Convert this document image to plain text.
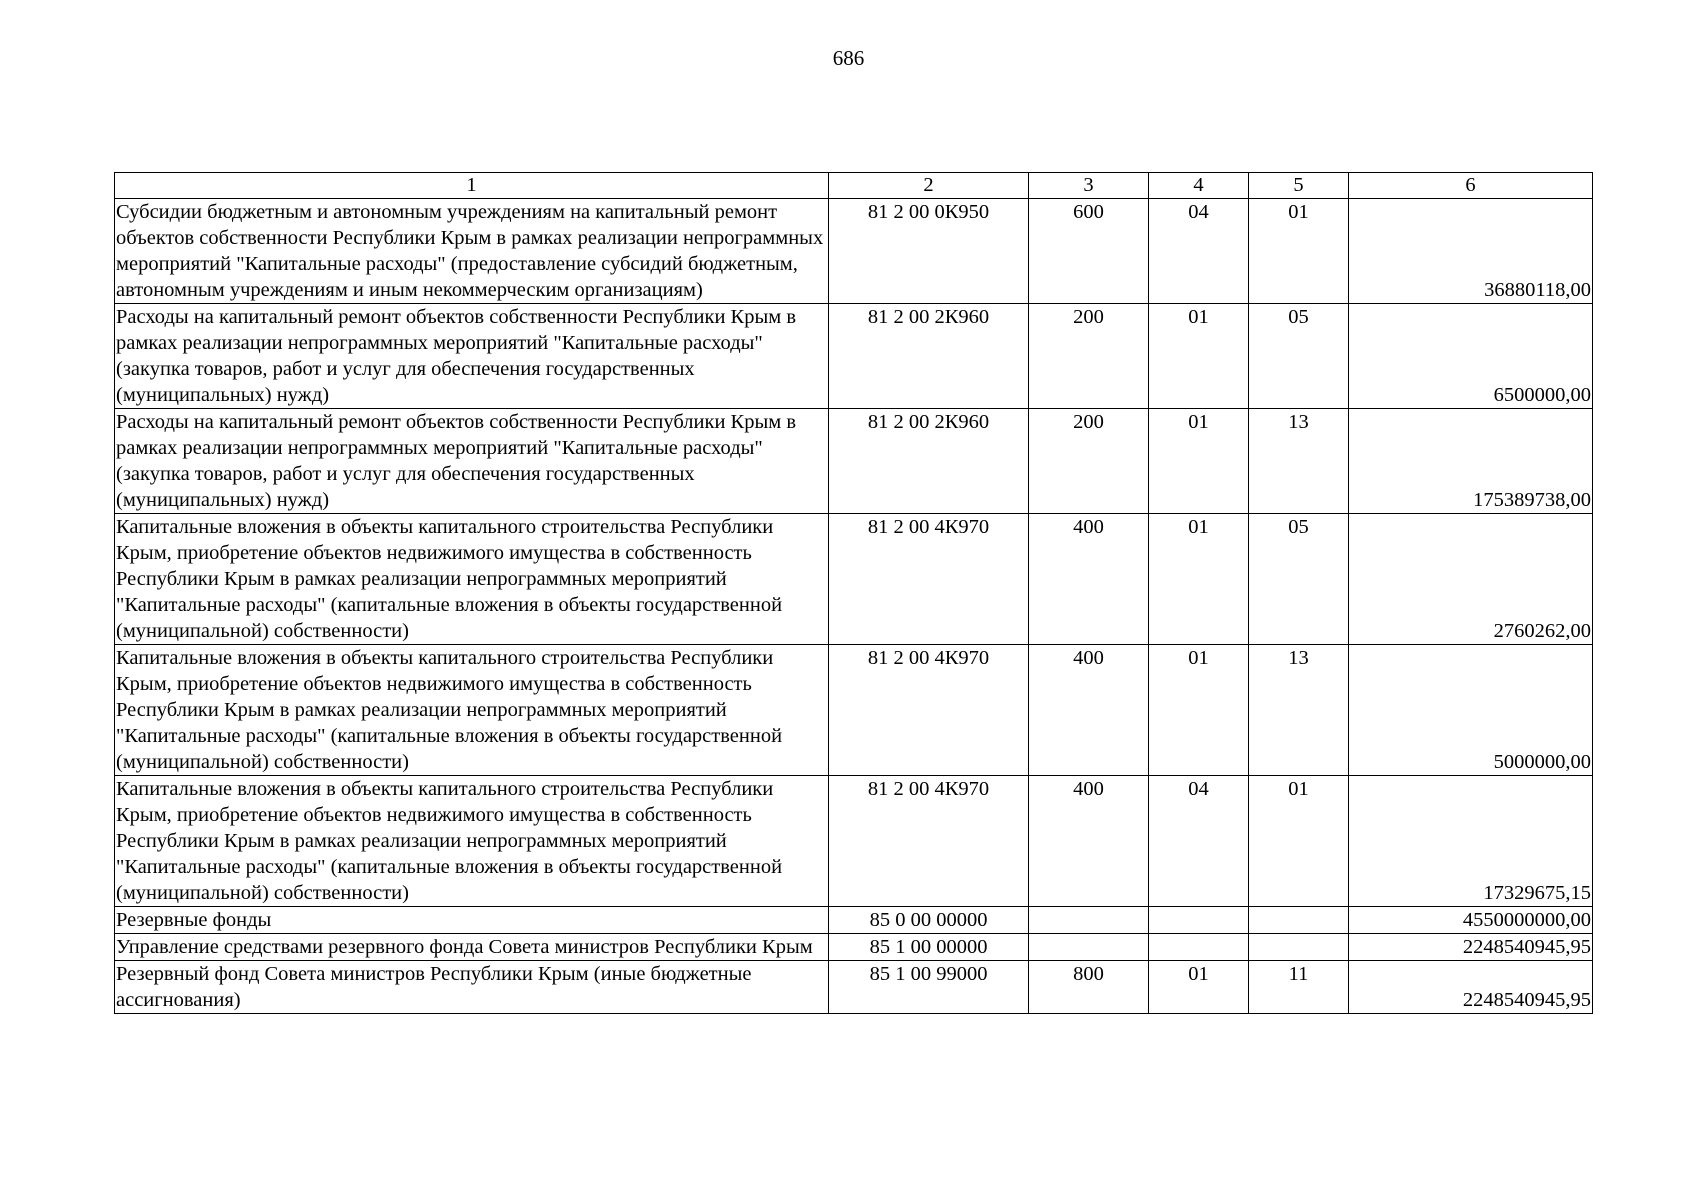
686
1	2	3	4	5	6
Субсидии бюджетным и автономным учреждениям на капитальный ремонт объектов собственности Республики Крым в рамках реализации непрограммных мероприятий "Капитальные расходы" (предоставление субсидий бюджетным, автономным учреждениям и иным некоммерческим организациям)	81 2 00 0К950	600	04	01	36880118,00
Расходы на капитальный ремонт объектов собственности Республики Крым в рамках реализации непрограммных мероприятий "Капитальные расходы" (закупка товаров, работ и услуг для обеспечения государственных (муниципальных) нужд)	81 2 00 2К960	200	01	05	6500000,00
Расходы на капитальный ремонт объектов собственности Республики Крым в рамках реализации непрограммных мероприятий "Капитальные расходы" (закупка товаров, работ и услуг для обеспечения государственных (муниципальных) нужд)	81 2 00 2К960	200	01	13	175389738,00
Капитальные вложения в объекты капитального строительства Республики Крым, приобретение объектов недвижимого имущества в собственность Республики Крым в рамках реализации непрограммных мероприятий "Капитальные расходы" (капитальные вложения в объекты государственной (муниципальной) собственности)	81 2 00 4К970	400	01	05	2760262,00
Капитальные вложения в объекты капитального строительства Республики Крым, приобретение объектов недвижимого имущества в собственность Республики Крым в рамках реализации непрограммных мероприятий "Капитальные расходы" (капитальные вложения в объекты государственной (муниципальной) собственности)	81 2 00 4К970	400	01	13	5000000,00
Капитальные вложения в объекты капитального строительства Республики Крым, приобретение объектов недвижимого имущества в собственность Республики Крым в рамках реализации непрограммных мероприятий "Капитальные расходы" (капитальные вложения в объекты государственной (муниципальной) собственности)	81 2 00 4К970	400	04	01	17329675,15
Резервные фонды	85 0 00 00000				4550000000,00
Управление средствами резервного фонда Совета министров Республики Крым	85 1 00 00000				2248540945,95
Резервный фонд Совета министров Республики Крым (иные бюджетные ассигнования)	85 1 00 99000	800	01	11	2248540945,95
